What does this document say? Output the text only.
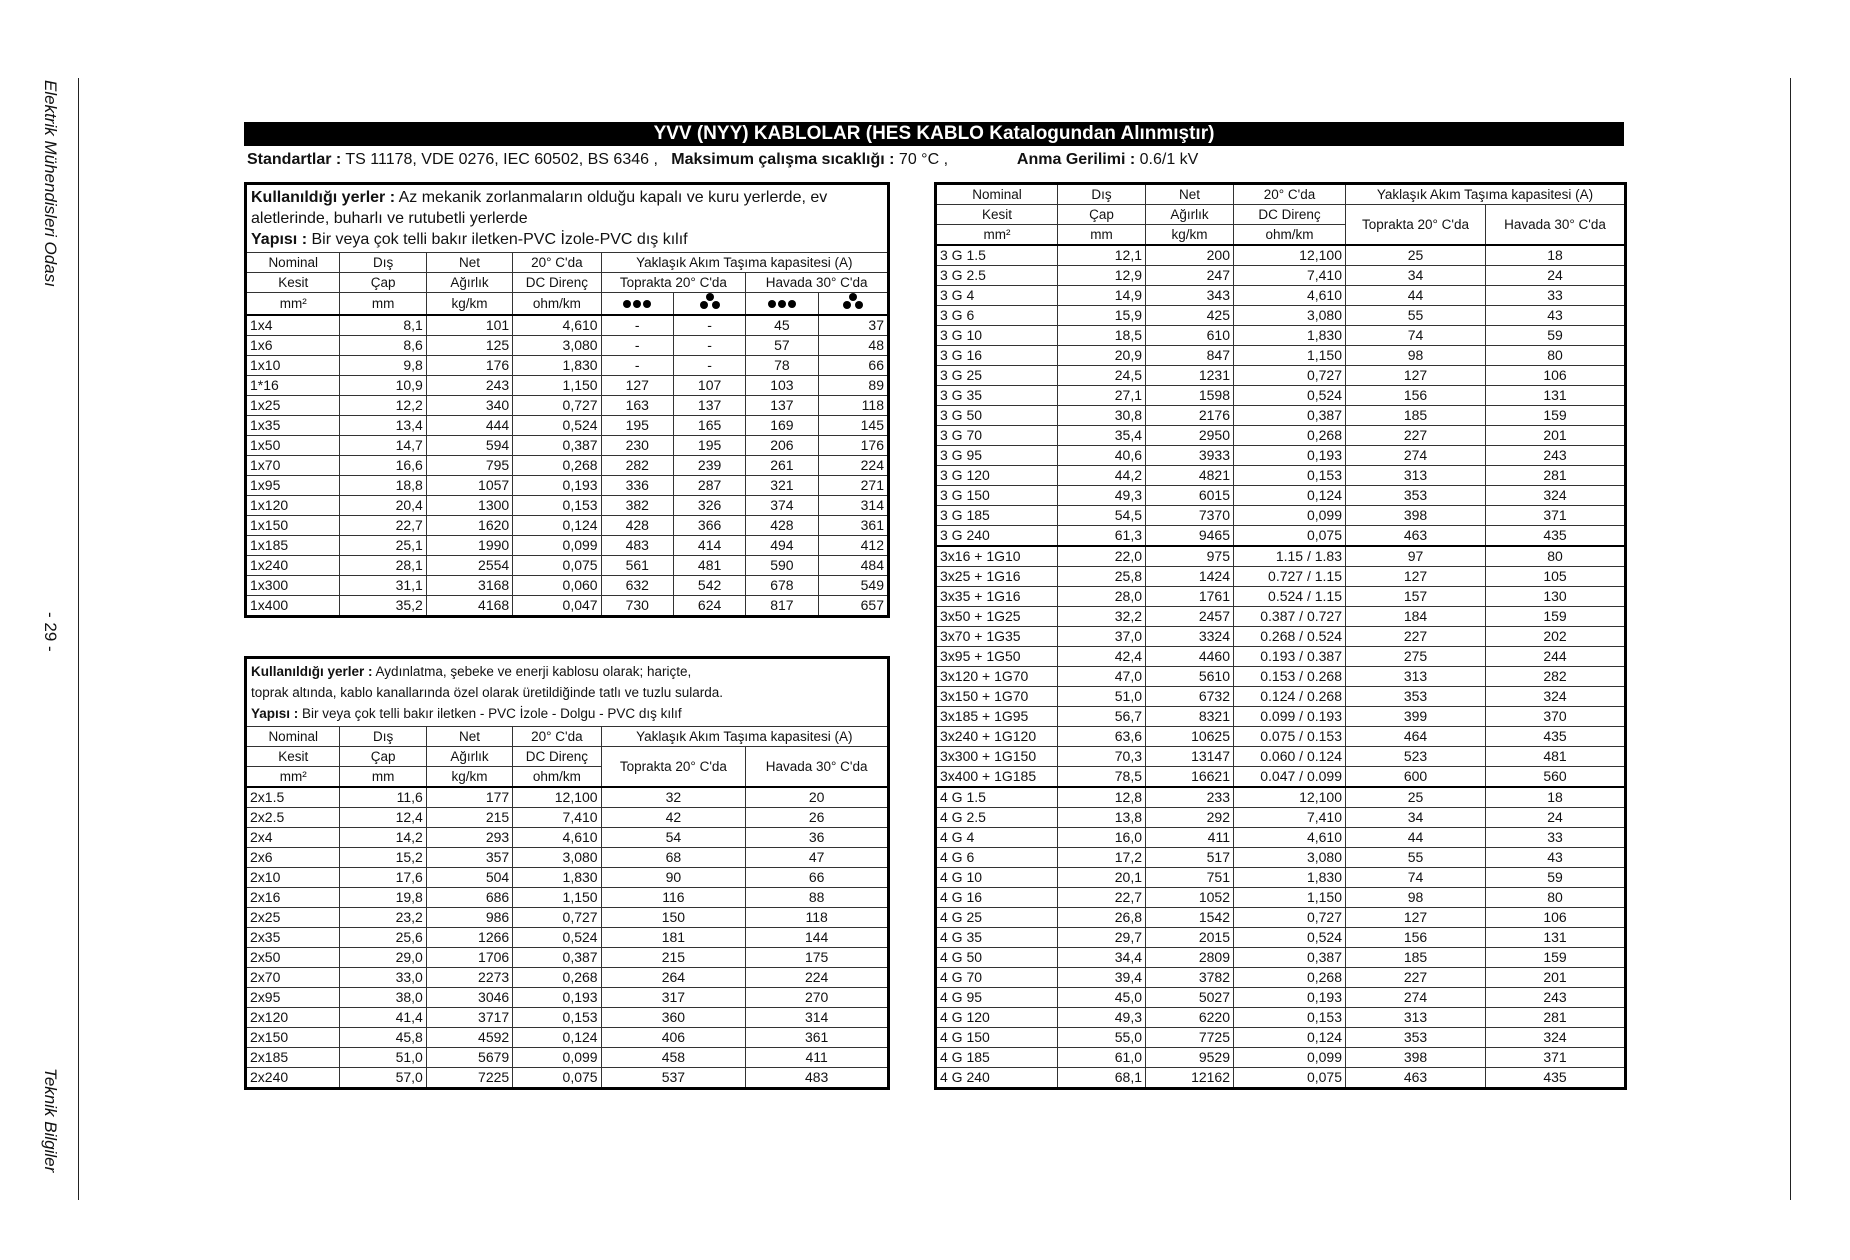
Elektrik Mühendisleri Odası
- 29 -
Teknik Bilgiler
YVV (NYY) KABLOLAR (HES KABLO Katalogundan Alınmıştır)
Standartlar : TS 11178, VDE 0276, IEC 60502, BS 6346 , Maksimum çalışma sıcaklığı : 70 °C ,	Anma Gerilimi : 0.6/1 kV
Kullanıldığı yerler : Az mekanik zorlanmaların olduğu kapalı ve kuru yerlerde, ev aletlerinde, buharlı ve rutubetli yerlerde
Yapısı : Bir veya çok telli bakır iletken-PVC İzole-PVC dış kılıf							
Nominal	Dış	Net	20° C'da	Yaklaşık Akım Taşıma kapasitesi (A)			
Kesit	Çap	Ağırlık	DC Direnç	Toprakta 20° C'da		Havada 30° C'da	
mm²	mm	kg/km	ohm/km		

1x4	8,1	101	4,610	-	-	45	37
1x6	8,6	125	3,080	-	-	57	48
1x10	9,8	176	1,830	-	-	78	66
1*16	10,9	243	1,150	127	107	103	89
1x25	12,2	340	0,727	163	137	137	118
1x35	13,4	444	0,524	195	165	169	145
1x50	14,7	594	0,387	230	195	206	176
1x70	16,6	795	0,268	282	239	261	224
1x95	18,8	1057	0,193	336	287	321	271
1x120	20,4	1300	0,153	382	326	374	314
1x150	22,7	1620	0,124	428	366	428	361
1x185	25,1	1990	0,099	483	414	494	412
1x240	28,1	2554	0,075	561	481	590	484
1x300	31,1	3168	0,060	632	542	678	549
1x400	35,2	4168	0,047	730	624	817	657
Kullanıldığı yerler : Aydınlatma, şebeke ve enerji kablosu olarak; hariçte,
toprak altında, kablo kanallarında özel olarak üretildiğinde tatlı ve tuzlu sularda.
Yapısı : Bir veya çok telli bakır iletken - PVC İzole - Dolgu - PVC dış kılıf					
Nominal	Dış	Net	20° C'da	Yaklaşık Akım Taşıma kapasitesi (A)	
Kesit	Çap	Ağırlık	DC Direnç	Toprakta 20° C'da	Havada 30° C'da
mm²	mm	kg/km	ohm/km		
2x1.5	11,6	177	12,100	32	20
2x2.5	12,4	215	7,410	42	26
2x4	14,2	293	4,610	54	36
2x6	15,2	357	3,080	68	47
2x10	17,6	504	1,830	90	66
2x16	19,8	686	1,150	116	88
2x25	23,2	986	0,727	150	118
2x35	25,6	1266	0,524	181	144
2x50	29,0	1706	0,387	215	175
2x70	33,0	2273	0,268	264	224
2x95	38,0	3046	0,193	317	270
2x120	41,4	3717	0,153	360	314
2x150	45,8	4592	0,124	406	361
2x185	51,0	5679	0,099	458	411
2x240	57,0	7225	0,075	537	483
Nominal	Dış	Net	20° C'da	Yaklaşık Akım Taşıma kapasitesi (A)	
Kesit	Çap	Ağırlık	DC Direnç	Toprakta 20° C'da	Havada 30° C'da
mm²	mm	kg/km	ohm/km		
3 G 1.5	12,1	200	12,100	25	18
3 G 2.5	12,9	247	7,410	34	24
3 G 4	14,9	343	4,610	44	33
3 G 6	15,9	425	3,080	55	43
3 G 10	18,5	610	1,830	74	59
3 G 16	20,9	847	1,150	98	80
3 G 25	24,5	1231	0,727	127	106
3 G 35	27,1	1598	0,524	156	131
3 G 50	30,8	2176	0,387	185	159
3 G 70	35,4	2950	0,268	227	201
3 G 95	40,6	3933	0,193	274	243
3 G 120	44,2	4821	0,153	313	281
3 G 150	49,3	6015	0,124	353	324
3 G 185	54,5	7370	0,099	398	371
3 G 240	61,3	9465	0,075	463	435
3x16 + 1G10	22,0	975	1.15 / 1.83	97	80
3x25 + 1G16	25,8	1424	0.727 / 1.15	127	105
3x35 + 1G16	28,0	1761	0.524 / 1.15	157	130
3x50 + 1G25	32,2	2457	0.387 / 0.727	184	159
3x70 + 1G35	37,0	3324	0.268 / 0.524	227	202
3x95 + 1G50	42,4	4460	0.193 / 0.387	275	244
3x120 + 1G70	47,0	5610	0.153 / 0.268	313	282
3x150 + 1G70	51,0	6732	0.124 / 0.268	353	324
3x185 + 1G95	56,7	8321	0.099 / 0.193	399	370
3x240 + 1G120	63,6	10625	0.075 / 0.153	464	435
3x300 + 1G150	70,3	13147	0.060 / 0.124	523	481
3x400 + 1G185	78,5	16621	0.047 / 0.099	600	560
4 G 1.5	12,8	233	12,100	25	18
4 G 2.5	13,8	292	7,410	34	24
4 G 4	16,0	411	4,610	44	33
4 G 6	17,2	517	3,080	55	43
4 G 10	20,1	751	1,830	74	59
4 G 16	22,7	1052	1,150	98	80
4 G 25	26,8	1542	0,727	127	106
4 G 35	29,7	2015	0,524	156	131
4 G 50	34,4	2809	0,387	185	159
4 G 70	39,4	3782	0,268	227	201
4 G 95	45,0	5027	0,193	274	243
4 G 120	49,3	6220	0,153	313	281
4 G 150	55,0	7725	0,124	353	324
4 G 185	61,0	9529	0,099	398	371
4 G 240	68,1	12162	0,075	463	435
